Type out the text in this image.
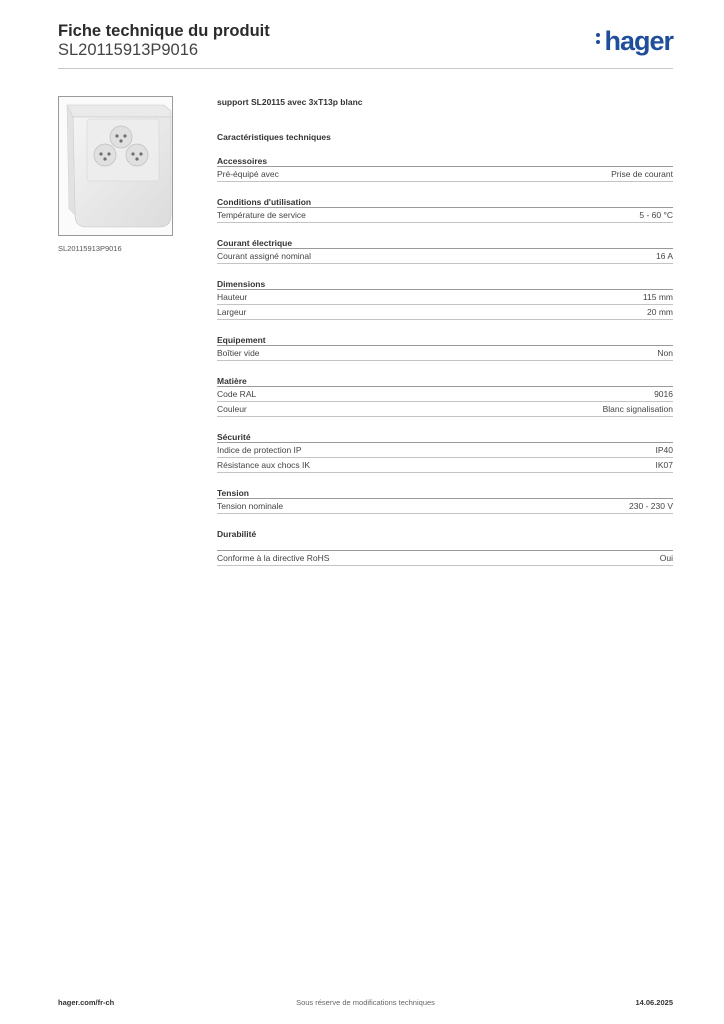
Fiche technique du produit
SL20115913P9016	hager
SL20115913P9016
support SL20115 avec 3xT13p blanc
Caractéristiques techniques
Accessoires
Pré-équipé avec	Prise de courant
Conditions d'utilisation
Température de service	5 - 60 °C
Courant électrique
Courant assigné nominal	16 A
Dimensions
Hauteur	115 mm
Largeur	20 mm
Equipement
Boîtier vide	Non
Matière
Code RAL	9016
Couleur	Blanc signalisation
Sécurité
Indice de protection IP	IP40
Résistance aux chocs IK	IK07
Tension
Tension nominale	230 - 230 V
Durabilité
Conforme à la directive RoHS	Oui
hager.com/fr-ch	Sous réserve de modifications techniques	14.06.2025
